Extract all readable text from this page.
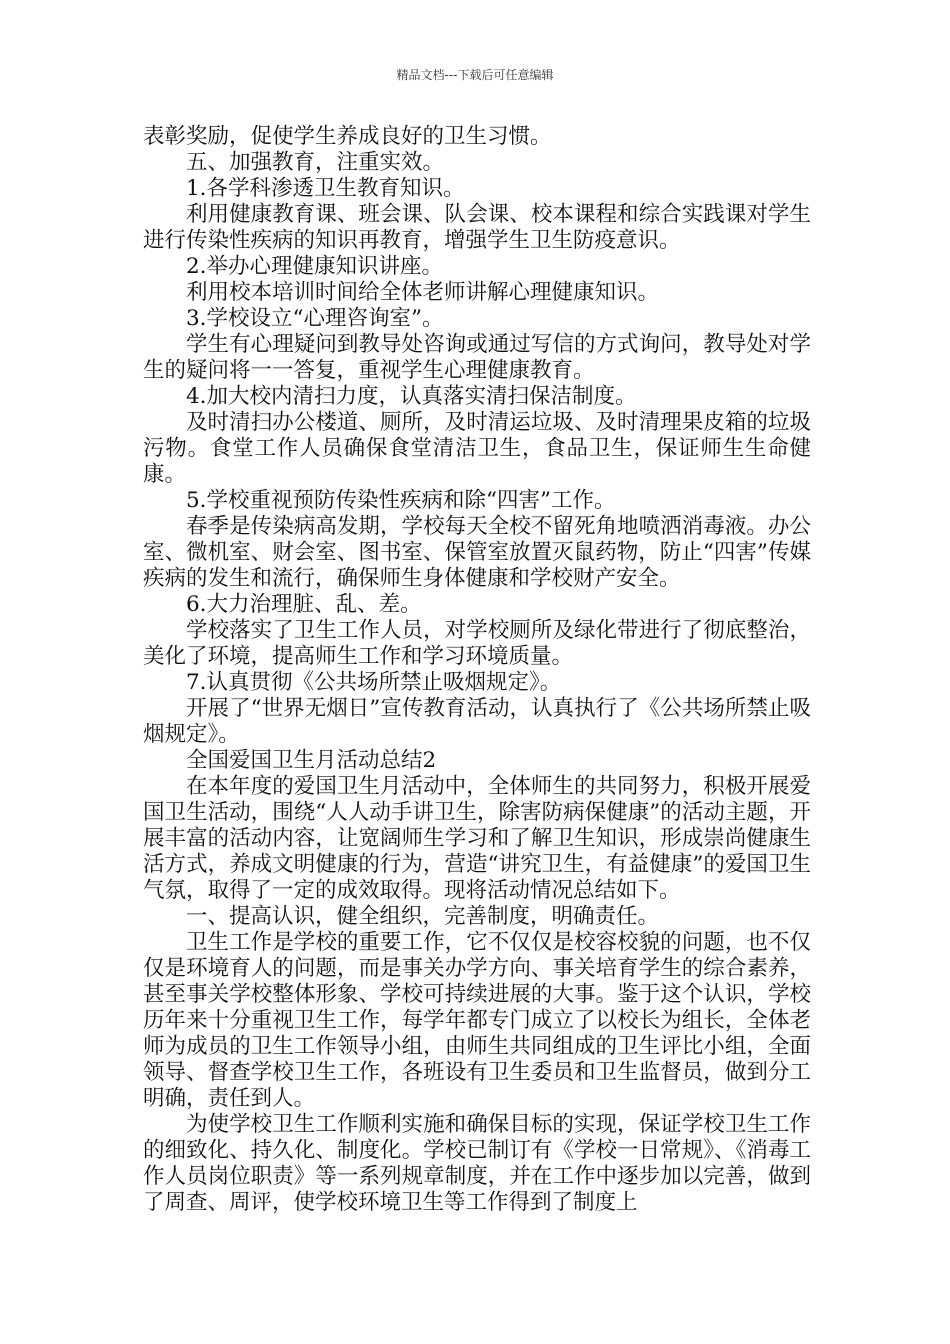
精品文档---下载后可任意编辑

表彰奖励，促使学生养成良好的卫生习惯。

五、加强教育，注重实效。

1.各学科渗透卫生教育知识。

利用健康教育课、班会课、队会课、校本课程和综合实践课对学生进行传染性疾病的知识再教育，增强学生卫生防疫意识。

2.举办心理健康知识讲座。

利用校本培训时间给全体老师讲解心理健康知识。

3.学校设立“心理咨询室”。

学生有心理疑问到教导处咨询或通过写信的方式询问，教导处对学生的疑问将一一答复，重视学生心理健康教育。

4.加大校内清扫力度，认真落实清扫保洁制度。

及时清扫办公楼道、厕所，及时清运垃圾、及时清理果皮箱的垃圾污物。食堂工作人员确保食堂清洁卫生，食品卫生，保证师生生命健康。

5.学校重视预防传染性疾病和除“四害”工作。

春季是传染病高发期，学校每天全校不留死角地喷洒消毒液。办公室、微机室、财会室、图书室、保管室放置灭鼠药物，防止“四害”传媒疾病的发生和流行，确保师生身体健康和学校财产安全。

6.大力治理脏、乱、差。

学校落实了卫生工作人员，对学校厕所及绿化带进行了彻底整治，美化了环境，提高师生工作和学习环境质量。

7.认真贯彻《公共场所禁止吸烟规定》。

开展了“世界无烟日”宣传教育活动，认真执行了《公共场所禁止吸烟规定》。

全国爱国卫生月活动总结2

在本年度的爱国卫生月活动中，全体师生的共同努力，积极开展爱国卫生活动，围绕“人人动手讲卫生，除害防病保健康”的活动主题，开展丰富的活动内容，让宽阔师生学习和了解卫生知识，形成崇尚健康生活方式，养成文明健康的行为，营造“讲究卫生，有益健康”的爱国卫生气氛，取得了一定的成效取得。现将活动情况总结如下。

一、提高认识，健全组织，完善制度，明确责任。

卫生工作是学校的重要工作，它不仅仅是校容校貌的问题，也不仅仅是环境育人的问题，而是事关办学方向、事关培育学生的综合素养，甚至事关学校整体形象、学校可持续进展的大事。鉴于这个认识，学校历年来十分重视卫生工作，每学年都专门成立了以校长为组长，全体老师为成员的卫生工作领导小组，由师生共同组成的卫生评比小组，全面领导、督查学校卫生工作，各班设有卫生委员和卫生监督员，做到分工明确，责任到人。

为使学校卫生工作顺利实施和确保目标的实现，保证学校卫生工作的细致化、持久化、制度化。学校已制订有《学校一日常规》、《消毒工作人员岗位职责》等一系列规章制度，并在工作中逐步加以完善，做到了周查、周评，使学校环境卫生等工作得到了制度上
